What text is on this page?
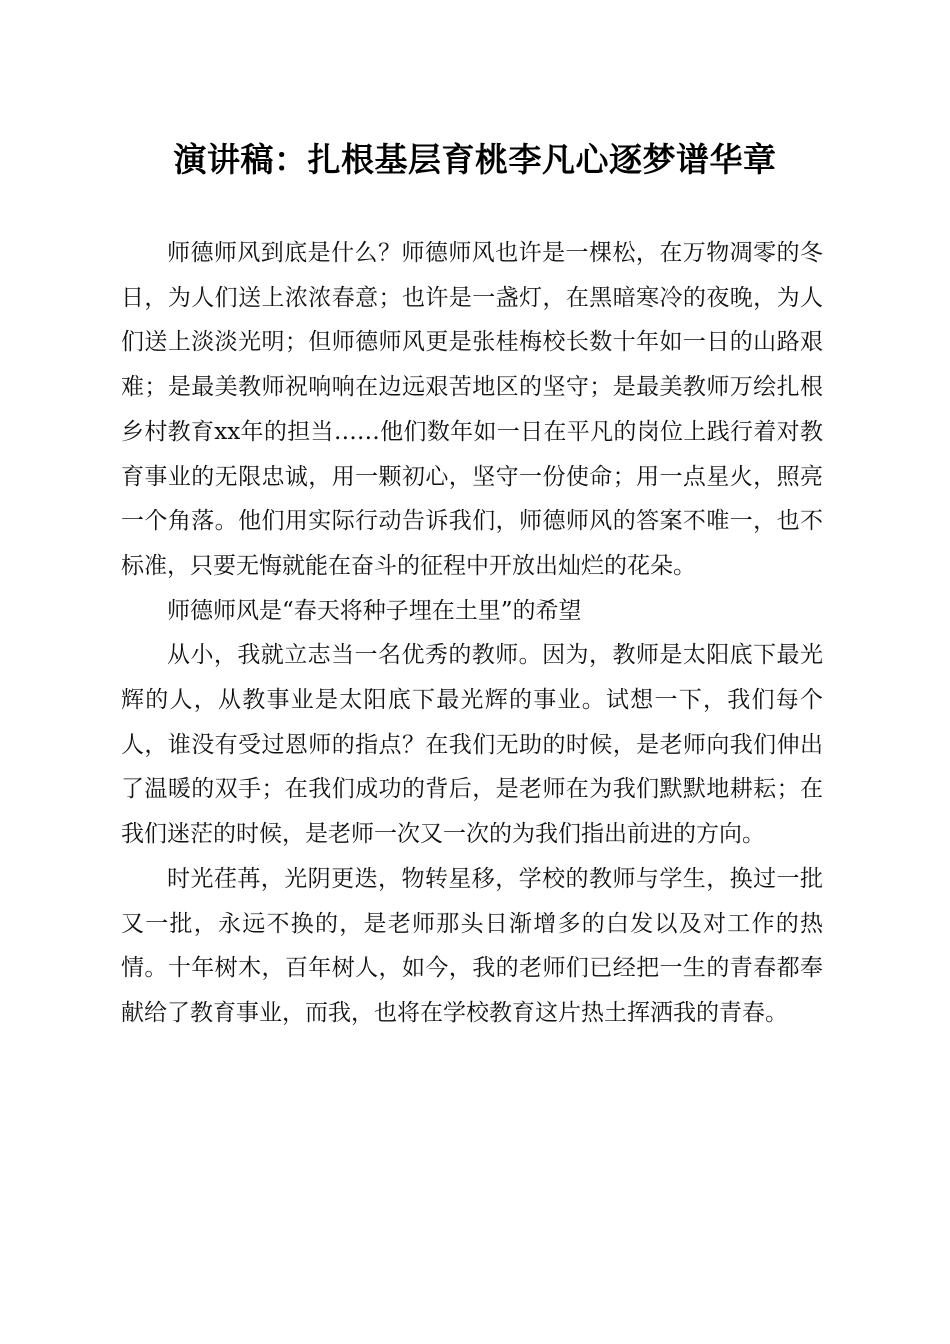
演讲稿：扎根基层育桃李凡心逐梦谱华章

师德师风到底是什么？师德师风也许是一棵松，在万物凋零的冬日，为人们送上浓浓春意；也许是一盏灯，在黑暗寒冷的夜晚，为人们送上淡淡光明；但师德师风更是张桂梅校长数十年如一日的山路艰难；是最美教师祝响响在边远艰苦地区的坚守；是最美教师万绘扎根乡村教育xx年的担当……他们数年如一日在平凡的岗位上践行着对教育事业的无限忠诚，用一颗初心，坚守一份使命；用一点星火，照亮一个角落。他们用实际行动告诉我们，师德师风的答案不唯一，也不标准，只要无悔就能在奋斗的征程中开放出灿烂的花朵。

师德师风是“春天将种子埋在土里”的希望

从小，我就立志当一名优秀的教师。因为，教师是太阳底下最光辉的人，从教事业是太阳底下最光辉的事业。试想一下，我们每个人，谁没有受过恩师的指点？在我们无助的时候，是老师向我们伸出了温暖的双手；在我们成功的背后，是老师在为我们默默地耕耘；在我们迷茫的时候，是老师一次又一次的为我们指出前进的方向。

时光荏苒，光阴更迭，物转星移，学校的教师与学生，换过一批又一批，永远不换的，是老师那头日渐增多的白发以及对工作的热情。十年树木，百年树人，如今，我的老师们已经把一生的青春都奉献给了教育事业，而我，也将在学校教育这片热土挥洒我的青春。
